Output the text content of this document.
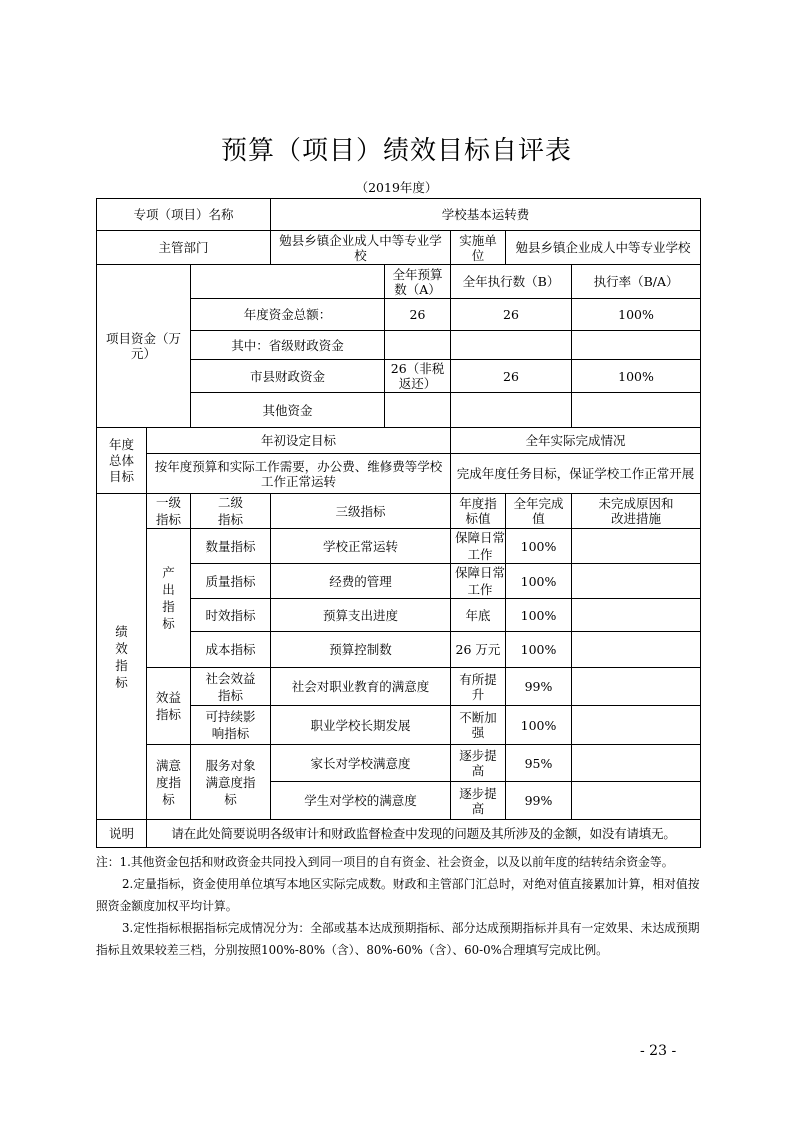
预算（项目）绩效目标自评表
（2019年度）
专项（项目）名称			学校基本运转费				
主管部门			勉县乡镇企业成人中等专业学校		实施单位	勉县乡镇企业成人中等专业学校	
项目资金（万元）				全年预算数（A）	全年执行数（B）		执行率（B/A）
		年度资金总额：		26	26		100%
		其中：省级财政资金					
		市县财政资金		26（非税返还）	26		100%
		其他资金					
年度总体目标	年初设定目标				全年实际完成情况		
	按年度预算和实际工作需要，办公费、维修费等学校工作正常运转				完成年度任务目标，保证学校工作正常开展		
绩效指标	一级指标	二级指标	三级指标		年度指标值	全年完成值	未完成原因和改进措施
	产出指标	数量指标	学校正常运转		保障日常工作	100%	
		质量指标	经费的管理		保障日常工作	100%	
		时效指标	预算支出进度		年底	100%	
		成本指标	预算控制数		26 万元	100%	
	效益指标	社会效益指标	社会对职业教育的满意度		有所提升	99%	
		可持续影响指标	职业学校长期发展		不断加强	100%	
	满意度指标	服务对象满意度指标	家长对学校满意度		逐步提高	95%	
			学生对学校的满意度		逐步提高	99%	
说明	请在此处简要说明各级审计和财政监督检查中发现的问题及其所涉及的金额，如没有请填无。						

注：1.其他资金包括和财政资金共同投入到同一项目的自有资金、社会资金，以及以前年度的结转结余资金等。

2.定量指标，资金使用单位填写本地区实际完成数。财政和主管部门汇总时，对绝对值直接累加计算，相对值按照资金额度加权平均计算。

3.定性指标根据指标完成情况分为：全部或基本达成预期指标、部分达成预期指标并具有一定效果、未达成预期指标且效果较差三档，分别按照100%-80%（含）、80%-60%（含）、60-0%合理填写完成比例。

- 23 -
